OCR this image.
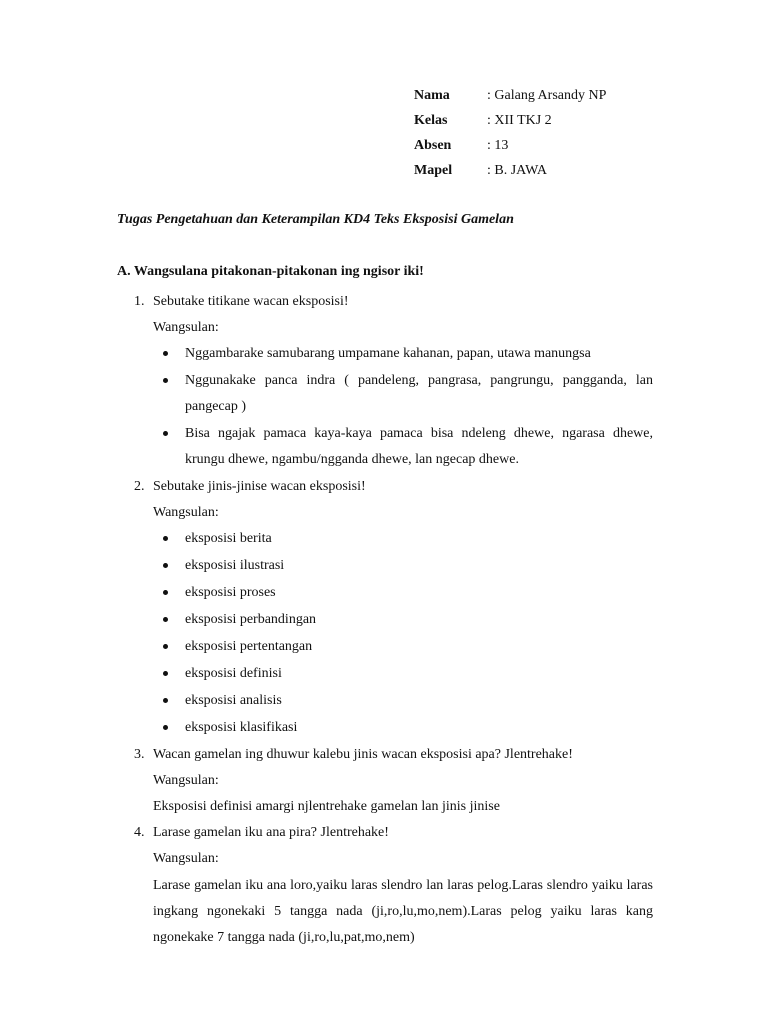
Nama	: Galang Arsandy NP
Kelas	: XII TKJ 2
Absen	: 13
Mapel	: B. JAWA
Tugas Pengetahuan dan Keterampilan KD4 Teks Eksposisi Gamelan
A. Wangsulana pitakonan-pitakonan ing ngisor iki!
1. Sebutake titikane wacan eksposisi!
Wangsulan:
Nggambarake samubarang umpamane kahanan, papan, utawa manungsa
Nggunakake panca indra ( pandeleng, pangrasa, pangrungu, pangganda, lan pangecap )
Bisa ngajak pamaca kaya-kaya pamaca bisa ndeleng dhewe, ngarasa dhewe, krungu dhewe, ngambu/ngganda dhewe, lan ngecap dhewe.
2. Sebutake jinis-jinise wacan eksposisi!
Wangsulan:
eksposisi berita
eksposisi ilustrasi
eksposisi proses
eksposisi perbandingan
eksposisi pertentangan
eksposisi definisi
eksposisi analisis
eksposisi klasifikasi
3. Wacan gamelan ing dhuwur kalebu jinis wacan eksposisi apa? Jlentrehake!
Wangsulan:
Eksposisi definisi amargi njlentrehake gamelan lan jinis jinise
4. Larase gamelan iku ana pira? Jlentrehake!
Wangsulan:
Larase gamelan iku ana loro,yaiku laras slendro lan laras pelog.Laras slendro yaiku laras ingkang ngonekaki 5 tangga nada (ji,ro,lu,mo,nem).Laras pelog yaiku laras kang ngonekake 7 tangga nada (ji,ro,lu,pat,mo,nem)
